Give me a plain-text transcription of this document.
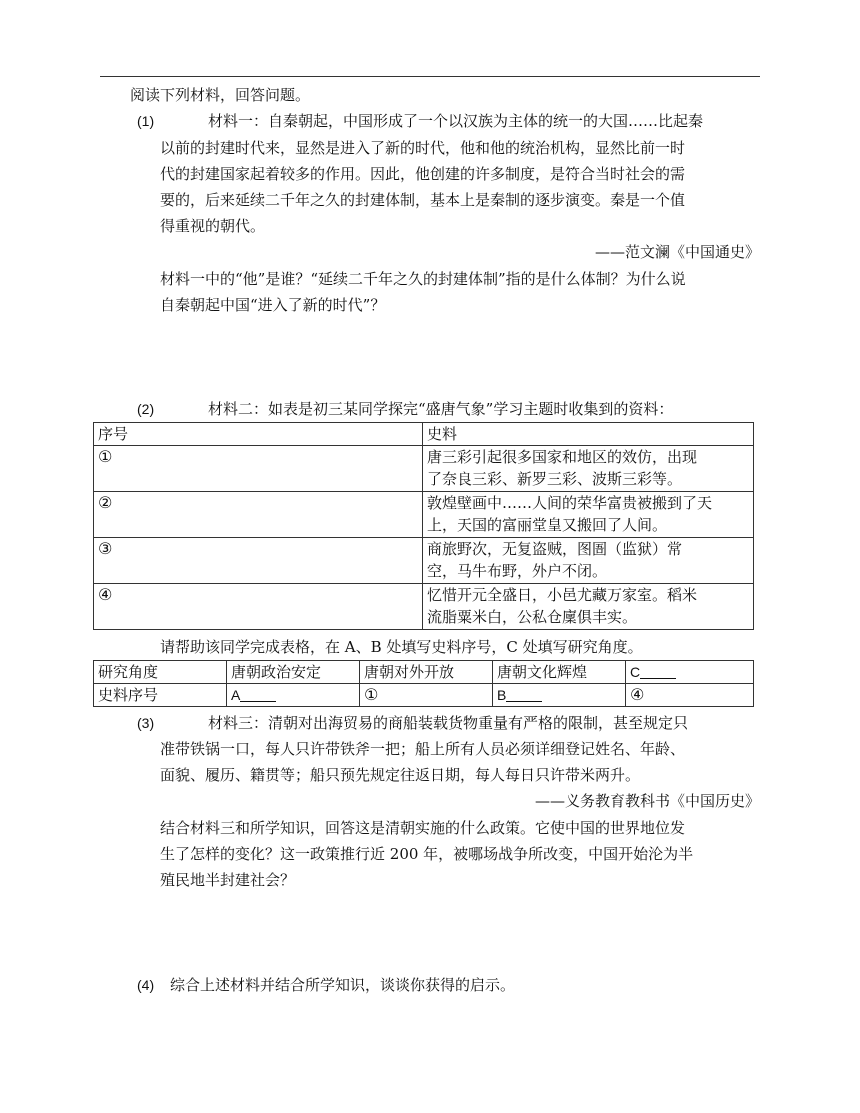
阅读下列材料，回答问题。
(1)	材料一：自秦朝起，中国形成了一个以汉族为主体的统一的大国……比起秦
以前的封建时代来，显然是进入了新的时代，他和他的统治机构，显然比前一时
代的封建国家起着较多的作用。因此，他创建的许多制度，是符合当时社会的需
要的，后来延续二千年之久的封建体制，基本上是秦制的逐步演变。秦是一个值
得重视的朝代。
——范文澜《中国通史》
材料一中的“他”是谁？“延续二千年之久的封建体制”指的是什么体制？为什么说
自秦朝起中国“进入了新的时代”？
(2)	材料二：如表是初三某同学探完“盛唐气象”学习主题时收集到的资料：
序号	史料
①	唐三彩引起很多国家和地区的效仿，出现
了奈良三彩、新罗三彩、波斯三彩等。

②	敦煌壁画中……人间的荣华富贵被搬到了天
上，天国的富丽堂皇又搬回了人间。

③	商旅野次，无复盗贼，图圄（监狱）常
空，马牛布野，外户不闭。

④	忆惜开元全盛日，小邑尤藏万家室。稻米
流脂粟米白，公私仓廩俱丰实。
请帮助该同学完成表格，在 A、B 处填写史料序号，C 处填写研究角度。
研究角度	唐朝政治安定	唐朝对外开放	唐朝文化辉煌	C
史料序号	A	①	B	④
(3)	材料三：清朝对出海贸易的商船装载货物重量有严格的限制，甚至规定只
准带铁锅一口，每人只许带铁斧一把；船上所有人员必须详细登记姓名、年龄、
面貌、履历、籍贯等；船只预先规定往返日期，每人每日只许带米两升。
——义务教育教科书《中国历史》
结合材料三和所学知识，回答这是清朝实施的什么政策。它使中国的世界地位发
生了怎样的变化？这一政策推行近 200 年，被哪场战争所改变，中国开始沦为半
殖民地半封建社会？
(4) 综合上述材料并结合所学知识，谈谈你获得的启示。
